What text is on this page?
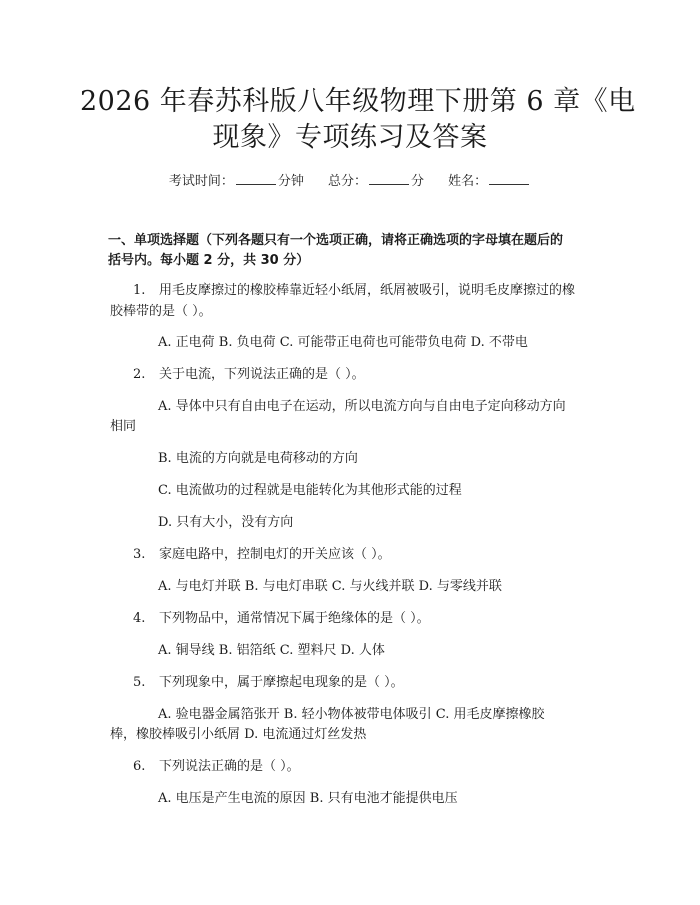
2026 年春苏科版八年级物理下册第 6 章《电
现象》专项练习及答案
考试时间：	分钟 总分：	分 姓名：
一、单项选择题（下列各题只有一个选项正确，请将正确选项的字母填在题后的
括号内。每小题 2 分，共 30 分）
1. 用毛皮摩擦过的橡胶棒靠近轻小纸屑，纸屑被吸引，说明毛皮摩擦过的橡
胶棒带的是（ ）。
A. 正电荷 B. 负电荷 C. 可能带正电荷也可能带负电荷 D. 不带电
2. 关于电流，下列说法正确的是（ ）。
A. 导体中只有自由电子在运动，所以电流方向与自由电子定向移动方向
相同
B. 电流的方向就是电荷移动的方向
C. 电流做功的过程就是电能转化为其他形式能的过程
D. 只有大小，没有方向
3. 家庭电路中，控制电灯的开关应该（ ）。
A. 与电灯并联 B. 与电灯串联 C. 与火线并联 D. 与零线并联
4. 下列物品中，通常情况下属于绝缘体的是（ ）。
A. 铜导线 B. 铝箔纸 C. 塑料尺 D. 人体
5. 下列现象中，属于摩擦起电现象的是（ ）。
A. 验电器金属箔张开 B. 轻小物体被带电体吸引 C. 用毛皮摩擦橡胶
棒，橡胶棒吸引小纸屑 D. 电流通过灯丝发热
6. 下列说法正确的是（ ）。
A. 电压是产生电流的原因 B. 只有电池才能提供电压
